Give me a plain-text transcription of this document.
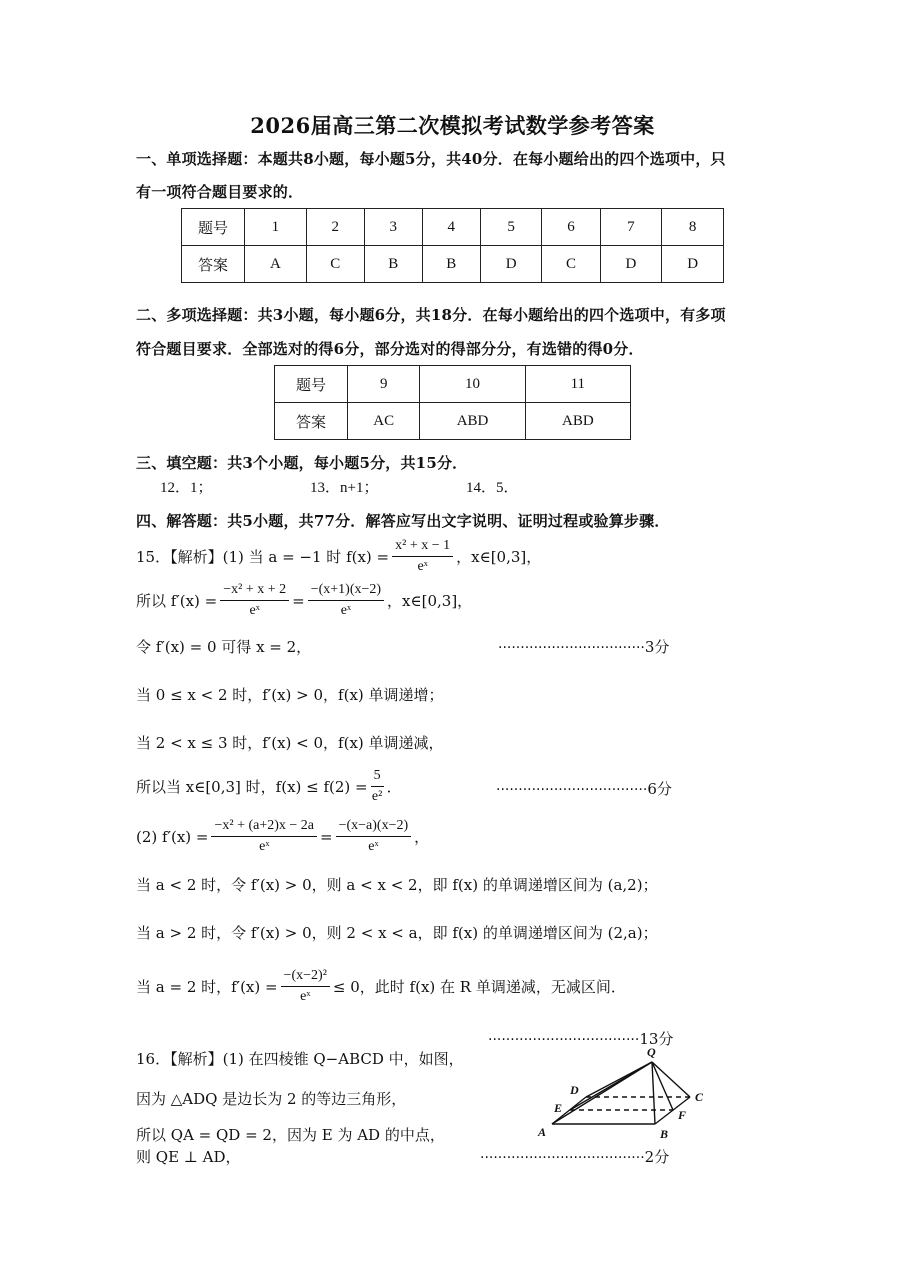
2026届高三第二次模拟考试数学参考答案
一、单项选择题：本题共8小题，每小题5分，共40分．在每小题给出的四个选项中，只
有一项符合题目要求的．
题号	1	2	3	4	5	6	7	8
答案	A	C	B	B	D	C	D	D
二、多项选择题：共3小题，每小题6分，共18分．在每小题给出的四个选项中，有多项
符合题目要求．全部选对的得6分，部分选对的得部分分，有选错的得0分．
题号	9	10	11
答案	AC	ABD	ABD
三、填空题：共3个小题，每小题5分，共15分．
12．1；	13．n+1；	14．5．
四、解答题：共5小题，共77分．解答应写出文字说明、证明过程或验算步骤．
15．【解析】(1) 当 a = −1 时 $f(x) = \frac{\text{x² + x − 1}}{\text{eˣ}}$ ，x∈[0,3]，
所以 $f'(x) = \frac{\text{−x² + x + 2}}{\text{eˣ}} = \frac{-(x+1)(x-2)}{\text{eˣ}}$ ，x∈[0,3]，
令 f′(x) = 0 可得 x = 2，	·································3分
当 0 ≤ x < 2 时，f′(x) > 0，f(x) 单调递增；
当 2 < x ≤ 3 时，f′(x) < 0，f(x) 单调递减，
所以当 x∈[0,3] 时，$f(x) \le f(2) = \frac{5}{\text{e²}}$ ．	··································6分
(2) $f'(x) = \frac{\text{−x² + (a+2)x − 2a}}{\text{eˣ}} = \frac{-(x-a)(x-2)}{\text{eˣ}}$ ，
当 a < 2 时，令 f′(x) > 0，则 a < x < 2，即 f(x) 的单调递增区间为 (a,2)；
当 a > 2 时，令 f′(x) > 0，则 2 < x < a，即 f(x) 的单调递增区间为 (2,a)；
当 a = 2 时，$f'(x) = \frac{\text{−(x−2)²}}{\text{eˣ}} \le 0$，此时 f(x) 在 R 单调递减，无减区间．
··································13分
16．【解析】(1) 在四棱锥 Q−ABCD 中，如图，
因为 △ADQ 是边长为 2 的等边三角形，
所以 QA = QD = 2，因为 E 为 AD 的中点，
则 QE ⊥ AD，	·····································2分
Q
D	C
E	F
A	B
